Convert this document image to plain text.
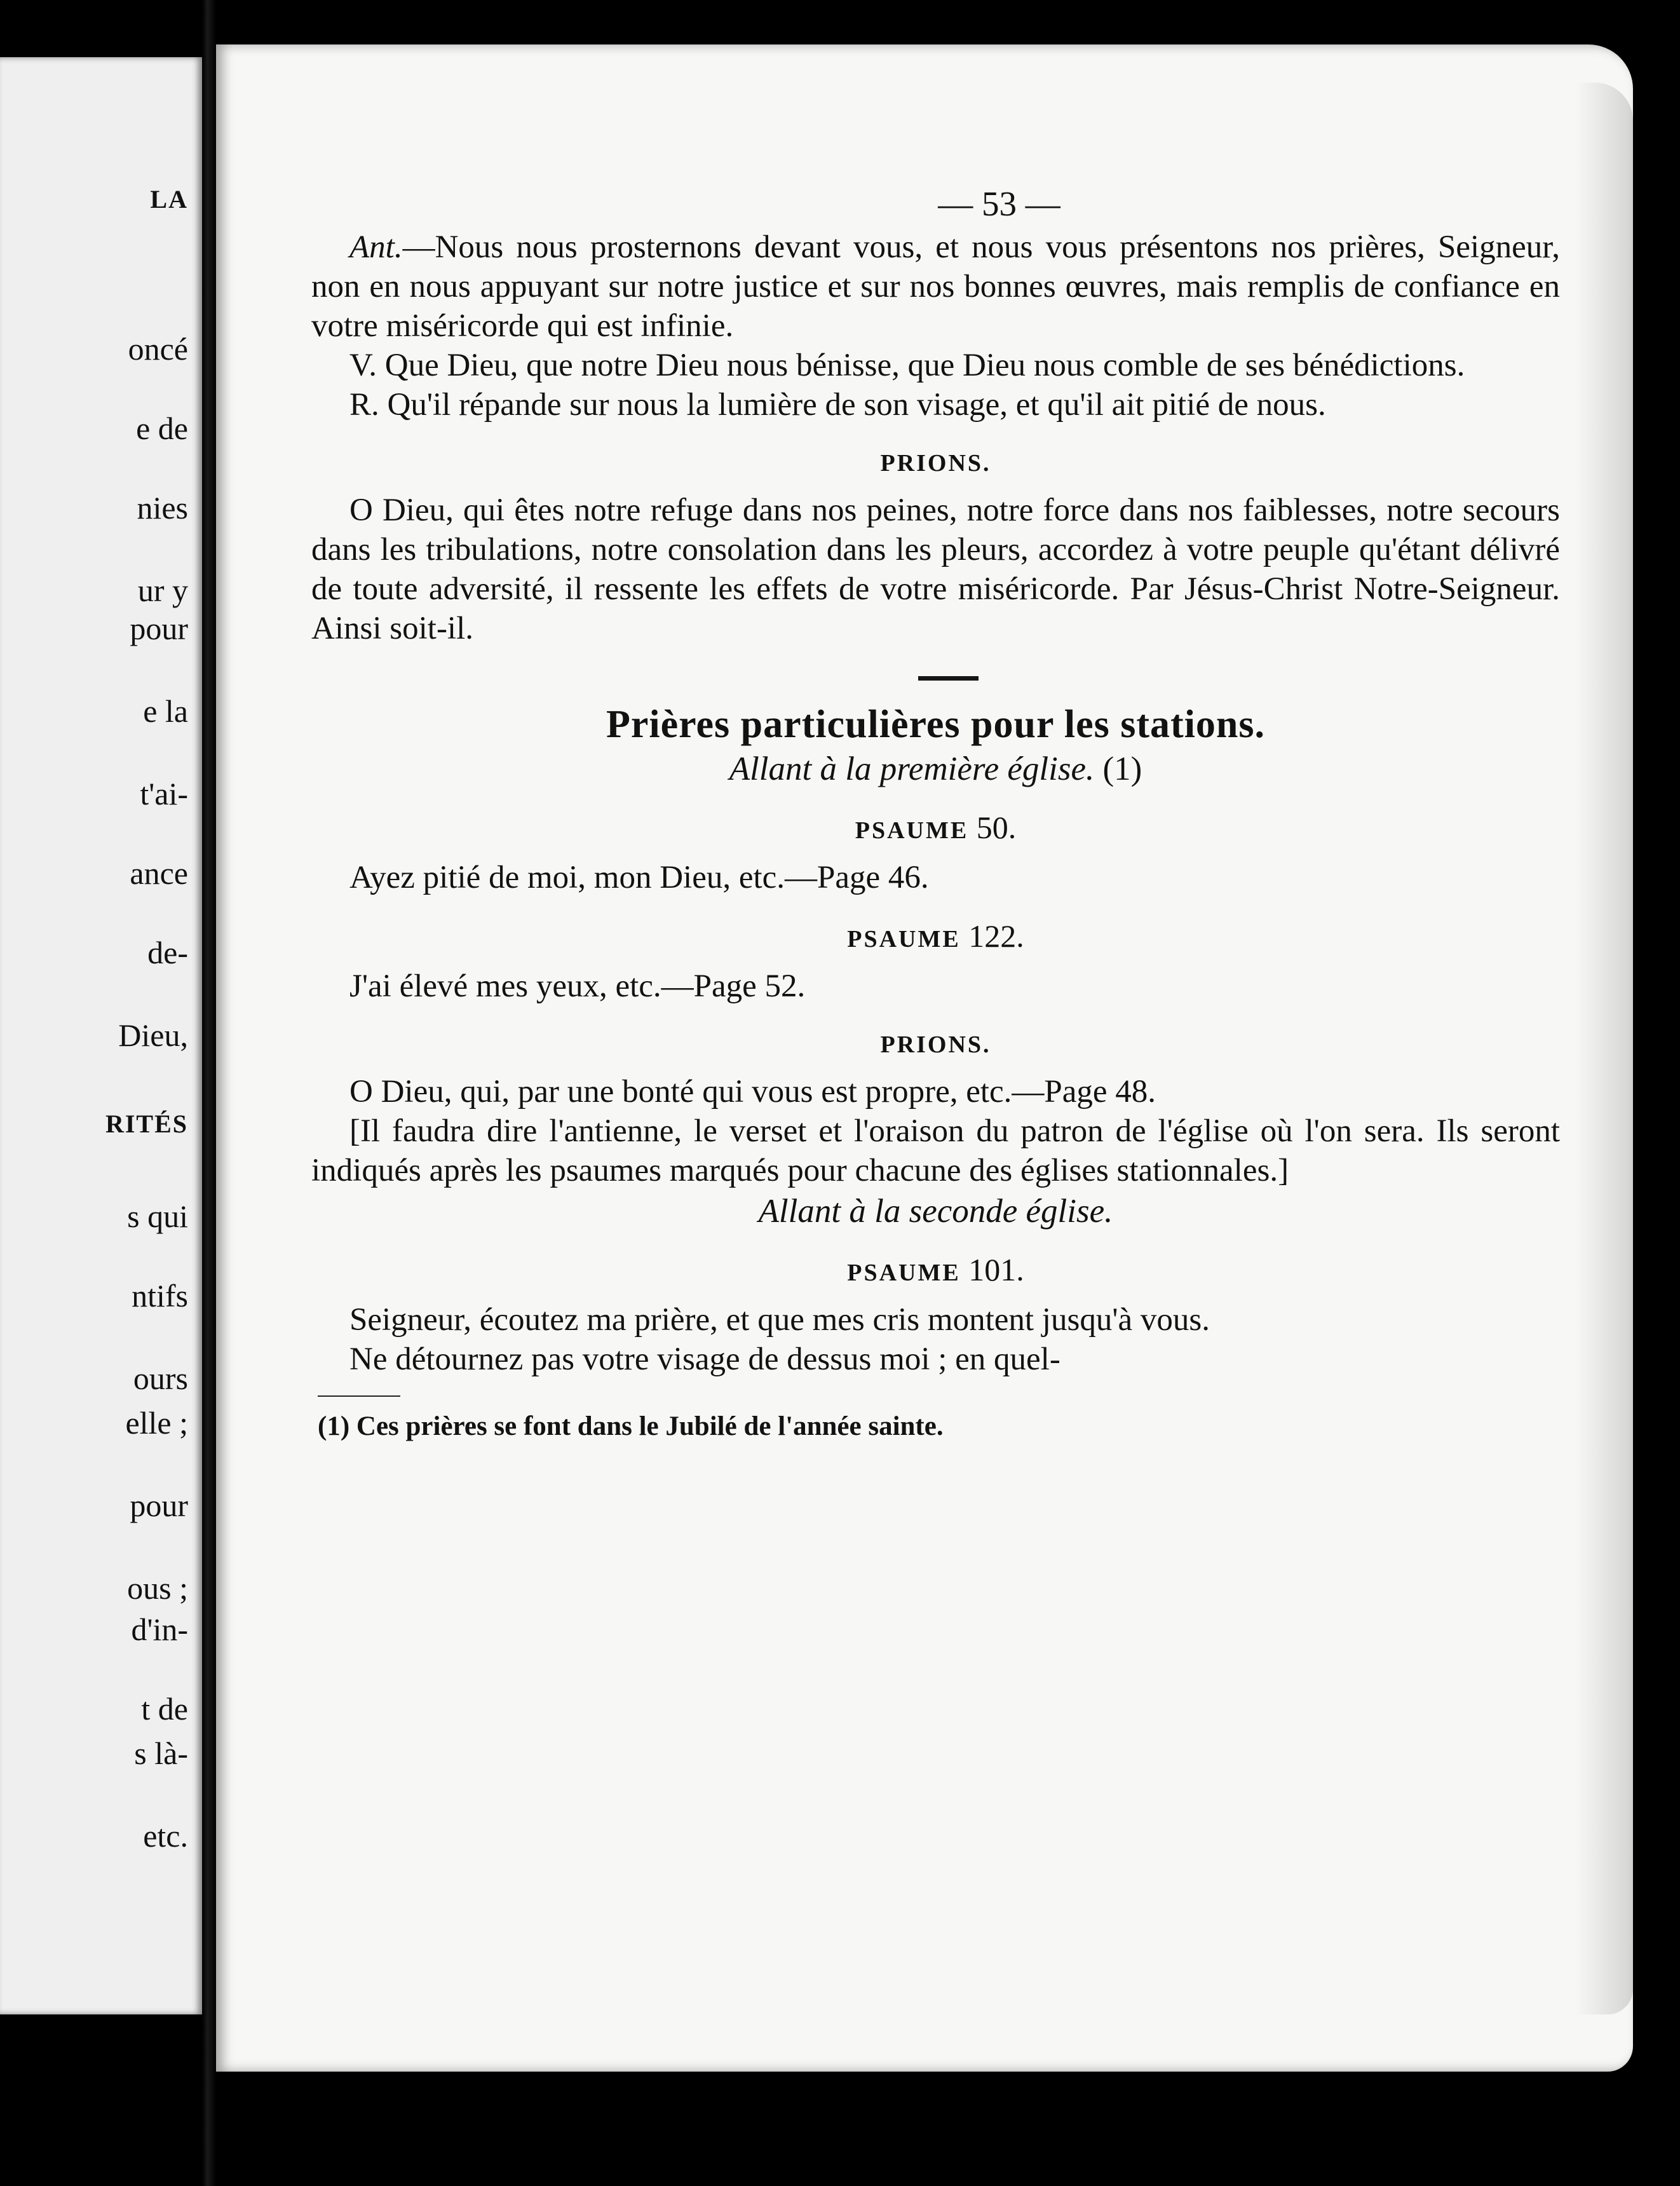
LA
oncé
e de
nies
ur y
pour
e la
t'ai-
ance
de-
Dieu,
RITÉS
s qui
ntifs
ours
elle ;
pour
ous ;
d'in-
t de
s là-
etc.
— 53 —

Ant.—Nous nous prosternons devant vous, et nous vous présentons nos prières, Seigneur, non en nous appuyant sur notre justice et sur nos bonnes œuvres, mais remplis de confiance en votre miséricorde qui est infinie.

V. Que Dieu, que notre Dieu nous bénisse, que Dieu nous comble de ses bénédictions.

R. Qu'il répande sur nous la lumière de son visage, et qu'il ait pitié de nous.

PRIONS.

O Dieu, qui êtes notre refuge dans nos peines, notre force dans nos faiblesses, notre secours dans les tribulations, notre consolation dans les pleurs, accordez à votre peuple qu'étant délivré de toute adversité, il ressente les effets de votre miséricorde. Par Jésus-Christ Notre-Seigneur. Ainsi soit-il.

Prières particulières pour les stations.
Allant à la première église. (1)
PSAUME 50.

Ayez pitié de moi, mon Dieu, etc.—Page 46.

PSAUME 122.

J'ai élevé mes yeux, etc.—Page 52.

PRIONS.

O Dieu, qui, par une bonté qui vous est propre, etc.—Page 48.

[Il faudra dire l'antienne, le verset et l'oraison du patron de l'église où l'on sera. Ils seront indiqués après les psaumes marqués pour chacune des églises stationnales.]

Allant à la seconde église.
PSAUME 101.

Seigneur, écoutez ma prière, et que mes cris montent jusqu'à vous.

Ne détournez pas votre visage de dessus moi ; en quel-

(1) Ces prières se font dans le Jubilé de l'année sainte.
